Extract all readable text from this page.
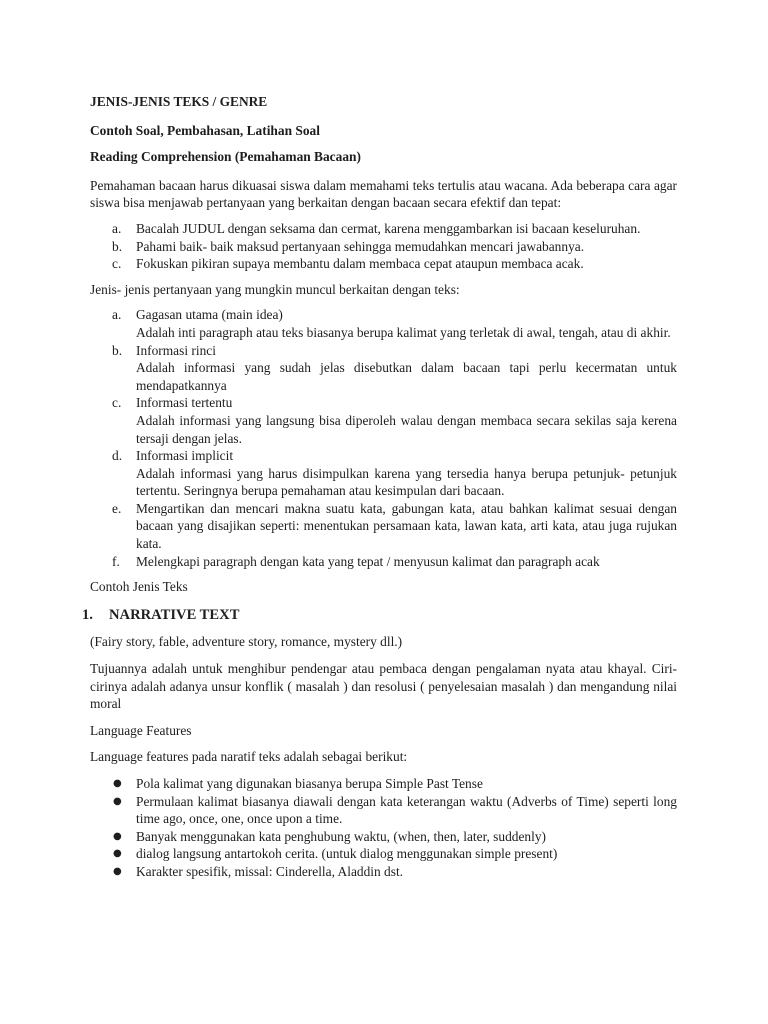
JENIS-JENIS TEKS / GENRE

Contoh Soal, Pembahasan, Latihan Soal

Reading Comprehension (Pemahaman Bacaan)

Pemahaman bacaan harus dikuasai siswa dalam memahami teks tertulis atau wacana. Ada beberapa cara agar siswa bisa menjawab pertanyaan yang berkaitan dengan bacaan secara efektif dan tepat:

a.	Bacalah JUDUL dengan seksama dan cermat, karena menggambarkan isi bacaan keseluruhan.
b.	Pahami baik- baik maksud pertanyaan sehingga memudahkan mencari jawabannya.
c.	Fokuskan pikiran supaya membantu dalam membaca cepat ataupun membaca acak.

Jenis- jenis pertanyaan yang mungkin muncul berkaitan dengan teks:

a.	Gagasan utama (main idea)
Adalah inti paragraph atau teks biasanya berupa kalimat yang terletak di awal, tengah, atau di akhir.
b.	Informasi rinci
Adalah informasi yang sudah jelas disebutkan dalam bacaan tapi perlu kecermatan untuk mendapatkannya
c.	Informasi tertentu
Adalah informasi yang langsung bisa diperoleh walau dengan membaca secara sekilas saja kerena tersaji dengan jelas.
d.	Informasi implicit
Adalah informasi yang harus disimpulkan karena yang tersedia hanya berupa petunjuk- petunjuk tertentu. Seringnya berupa pemahaman atau kesimpulan dari bacaan.
e.	Mengartikan dan mencari makna suatu kata, gabungan kata, atau bahkan kalimat sesuai dengan bacaan yang disajikan seperti: menentukan persamaan kata, lawan kata, arti kata, atau juga rujukan kata.
f.	Melengkapi paragraph dengan kata yang tepat / menyusun kalimat dan paragraph acak

Contoh Jenis Teks

1. NARRATIVE TEXT

(Fairy story, fable, adventure story, romance, mystery dll.)

Tujuannya adalah untuk menghibur pendengar atau pembaca dengan pengalaman nyata atau khayal. Ciri-cirinya adalah adanya unsur konflik ( masalah ) dan resolusi ( penyelesaian masalah ) dan mengandung nilai moral

Language Features

Language features pada naratif teks adalah sebagai berikut:

● Pola kalimat yang digunakan biasanya berupa Simple Past Tense
● Permulaan kalimat biasanya diawali dengan kata keterangan waktu (Adverbs of Time) seperti long time ago, once, one, once upon a time.
● Banyak menggunakan kata penghubung waktu, (when, then, later, suddenly)
● dialog langsung antartokoh cerita. (untuk dialog menggunakan simple present)
● Karakter spesifik, missal: Cinderella, Aladdin dst.
